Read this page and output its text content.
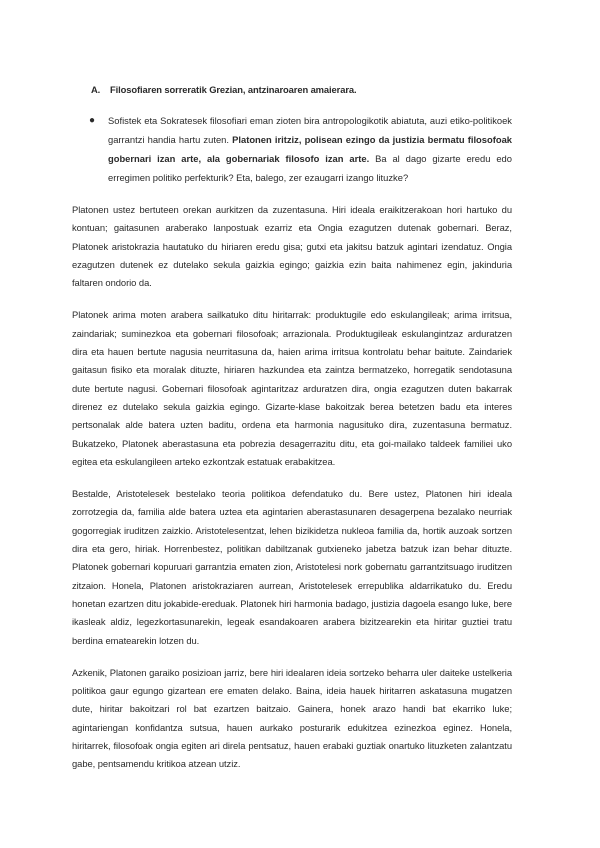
A.	Filosofiaren sorreratik Grezian, antzinaroaren amaierara.
●	Sofistek eta Sokratesek filosofiari eman zioten bira antropologikotik abiatuta, auzi etiko-politikoek garrantzi handia hartu zuten. Platonen iritziz, polisean ezingo da justizia bermatu filosofoak gobernari izan arte, ala gobernariak filosofo izan arte. Ba al dago gizarte eredu edo erregimen politiko perfekturik? Eta, balego, zer ezaugarri izango lituzke?

Platonen ustez bertuteen orekan aurkitzen da zuzentasuna. Hiri ideala eraikitzerakoan hori hartuko du kontuan; gaitasunen araberako lanpostuak ezarriz eta Ongia ezagutzen dutenak gobernari. Beraz, Platonek aristokrazia hautatuko du hiriaren eredu gisa; gutxi eta jakitsu batzuk agintari izendatuz. Ongia ezagutzen dutenek ez dutelako sekula gaizkia egingo; gaizkia ezin baita nahimenez egin, jakinduria faltaren ondorio da.

Platonek arima moten arabera sailkatuko ditu hiritarrak: produktugile edo eskulangileak; arima irritsua, zaindariak; suminezkoa eta gobernari filosofoak; arrazionala. Produktugileak eskulangintzaz arduratzen dira eta hauen bertute nagusia neurritasuna da, haien arima irritsua kontrolatu behar baitute. Zaindariek gaitasun fisiko eta moralak dituzte, hiriaren hazkundea eta zaintza bermatzeko, horregatik sendotasuna dute bertute nagusi. Gobernari filosofoak agintaritzaz arduratzen dira, ongia ezagutzen duten bakarrak direnez ez dutelako sekula gaizkia egingo. Gizarte-klase bakoitzak berea betetzen badu eta interes pertsonalak alde batera uzten baditu, ordena eta harmonia nagusituko dira, zuzentasuna bermatuz. Bukatzeko, Platonek aberastasuna eta pobrezia desagerrazitu ditu, eta goi-mailako taldeek familiei uko egitea eta eskulangileen arteko ezkontzak estatuak erabakitzea.

Bestalde, Aristotelesek bestelako teoria politikoa defendatuko du. Bere ustez, Platonen hiri ideala zorrotzegia da, familia alde batera uztea eta agintarien aberastasunaren desagerpena bezalako neurriak gogorregiak iruditzen zaizkio. Aristotelesentzat, lehen bizikidetza nukleoa familia da, hortik auzoak sortzen dira eta gero, hiriak. Horrenbestez, politikan dabiltzanak gutxieneko jabetza batzuk izan behar dituzte. Platonek gobernari kopuruari garrantzia ematen zion, Aristotelesi nork gobernatu garrantzitsuago iruditzen zitzaion. Honela, Platonen aristokraziaren aurrean, Aristotelesek errepublika aldarrikatuko du. Eredu honetan ezartzen ditu jokabide-ereduak. Platonek hiri harmonia badago, justizia dagoela esango luke, bere ikasleak aldiz, legezkortasunarekin, legeak esandakoaren arabera bizitzearekin eta hiritar guztiei tratu berdina ematearekin lotzen du.

Azkenik, Platonen garaiko posizioan jarriz, bere hiri idealaren ideia sortzeko beharra uler daiteke ustelkeria politikoa gaur egungo gizartean ere ematen delako. Baina, ideia hauek hiritarren askatasuna mugatzen dute, hiritar bakoitzari rol bat ezartzen baitzaio. Gainera, honek arazo handi bat ekarriko luke; agintariengan konfidantza sutsua, hauen aurkako posturarik edukitzea ezinezkoa eginez. Honela, hiritarrek, filosofoak ongia egiten ari direla pentsatuz, hauen erabaki guztiak onartuko lituzketen zalantzatu gabe, pentsamendu kritikoa atzean utziz.
